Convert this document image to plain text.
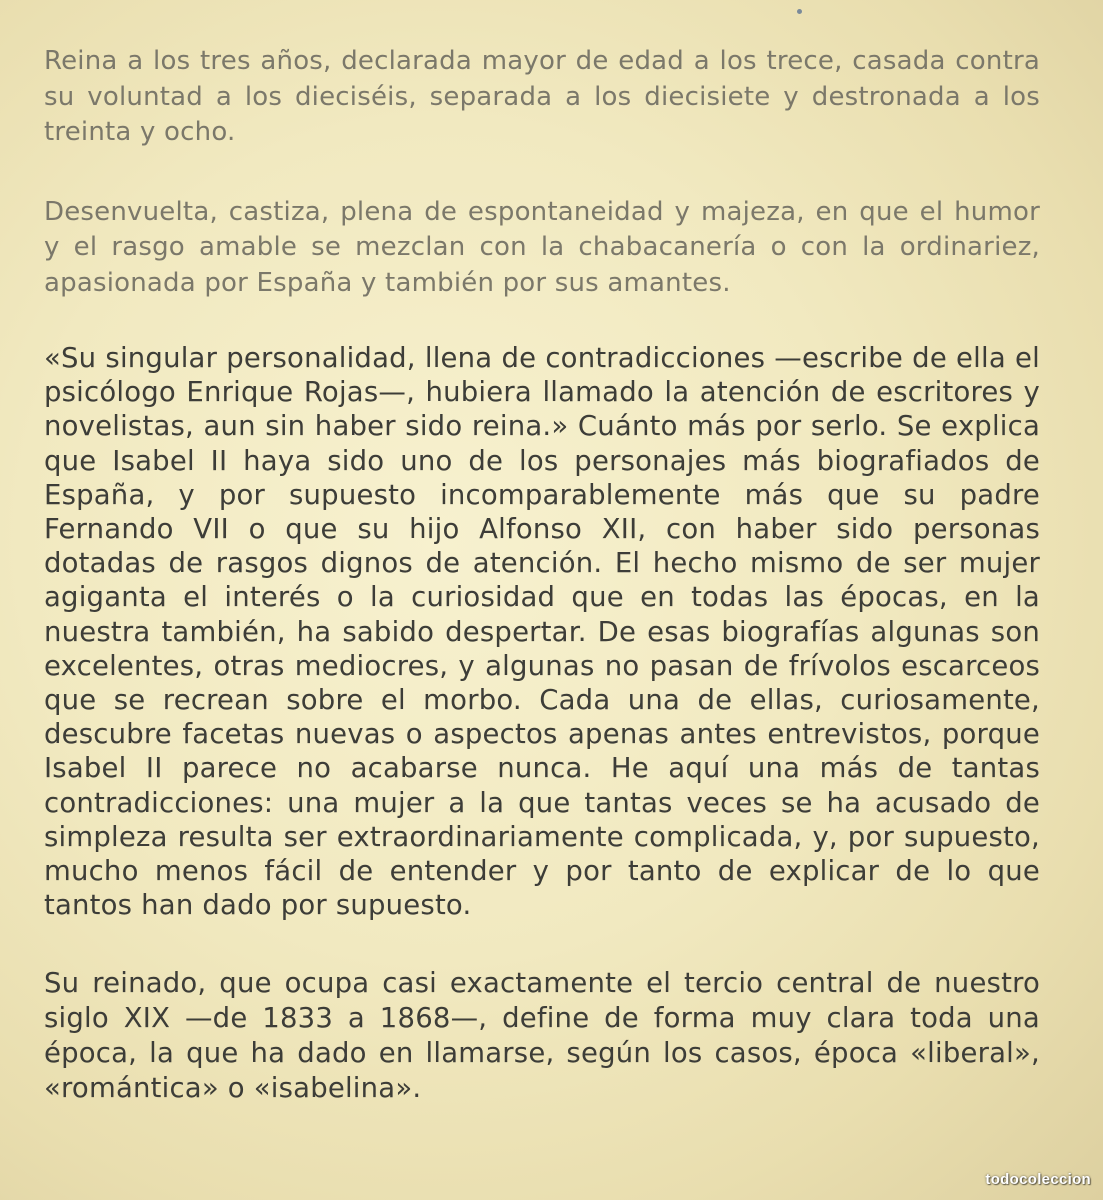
Reina a los tres años, declarada mayor de edad a los trece, casada contra su voluntad a los dieciséis, separada a los diecisiete y destronada a los treinta y ocho.

Desenvuelta, castiza, plena de espontaneidad y majeza, en que el humor y el rasgo amable se mezclan con la chabacanería o con la ordinariez, apasionada por España y también por sus amantes.

«Su singular personalidad, llena de contradicciones —escribe de ella el psicólogo Enrique Rojas—, hubiera llamado la atención de escritores y novelistas, aun sin haber sido reina.» Cuánto más por serlo. Se explica que Isabel II haya sido uno de los personajes más biografiados de España, y por supuesto incomparablemente más que su padre Fernando VII o que su hijo Alfonso XII, con haber sido personas dotadas de rasgos dignos de atención. El hecho mismo de ser mujer agiganta el interés o la curiosidad que en todas las épocas, en la nuestra también, ha sabido despertar. De esas biografías algunas son excelentes, otras mediocres, y algunas no pasan de frívolos escarceos que se recrean sobre el morbo. Cada una de ellas, curiosamente, descubre facetas nuevas o aspectos apenas antes entrevistos, porque Isabel II parece no acabarse nunca. He aquí una más de tantas contradicciones: una mujer a la que tantas veces se ha acusado de simpleza resulta ser extraordinariamente complicada, y, por supuesto, mucho menos fácil de entender y por tanto de explicar de lo que tantos han dado por supuesto.

Su reinado, que ocupa casi exactamente el tercio central de nuestro siglo XIX —de 1833 a 1868—, define de forma muy clara toda una época, la que ha dado en llamarse, según los casos, época «liberal», «romántica» o «isabelina».

todocoleccion
